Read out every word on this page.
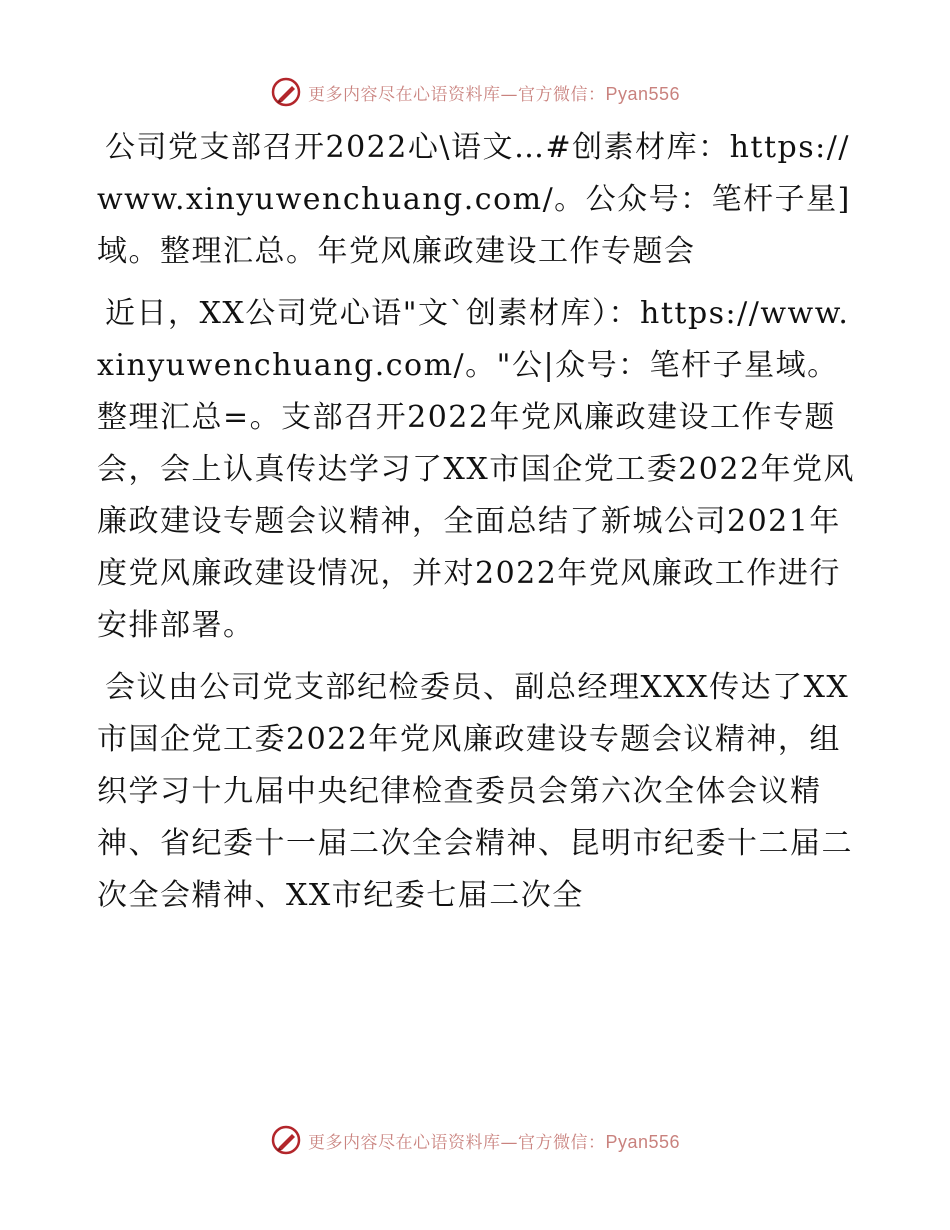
更多内容尽在心语资料库—官方微信：Pyan556

公司党支部召开2022心\语文…#创素材库：https://www.xinyuwenchuang.com/。公众号：笔杆子星]域。整理汇总。年党风廉政建设工作专题会

近日，XX公司党心语"文`创素材库）：https://www.xinyuwenchuang.com/。"公|众号：笔杆子星域。整理汇总=。支部召开2022年党风廉政建设工作专题会，会上认真传达学习了XX市国企党工委2022年党风廉政建设专题会议精神，全面总结了新城公司2021年度党风廉政建设情况，并对2022年党风廉政工作进行安排部署。

会议由公司党支部纪检委员、副总经理XXX传达了XX市国企党工委2022年党风廉政建设专题会议精神，组织学习十九届中央纪律检查委员会第六次全体会议精神、省纪委十一届二次全会精神、昆明市纪委十二届二次全会精神、XX市纪委七届二次全

更多内容尽在心语资料库—官方微信：Pyan556
